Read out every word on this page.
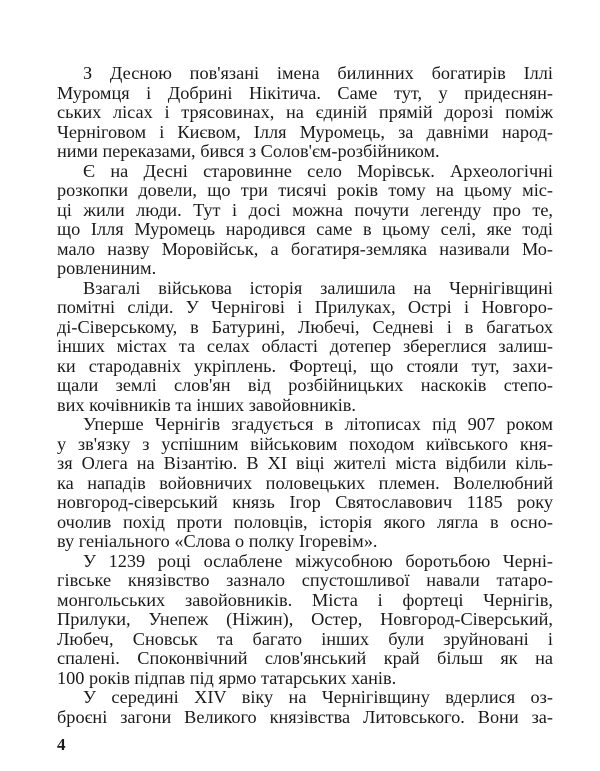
З Десною пов'язані імена билинних богатирів Іллі
Муромця і Добрині Нікітича. Саме тут, у придеснян-
ських лісах і трясовинах, на єдиній прямій дорозі поміж
Черніговом і Києвом, Ілля Муромець, за давніми народ-
ними переказами, бився з Солов'єм-розбійником.
Є на Десні старовинне село Морівськ. Археологічні
розкопки довели, що три тисячі років тому на цьому міс-
ці жили люди. Тут і досі можна почути легенду про те,
що Ілля Муромець народився саме в цьому селі, яке тоді
мало назву Моровійськ, а богатиря-земляка називали Мо-
ровлениним.
Взагалі військова історія залишила на Чернігівщині
помітні сліди. У Чернігові і Прилуках, Острі і Новгоро-
ді-Сіверському, в Батурині, Любечі, Седневі і в багатьох
інших містах та селах області дотепер збереглися залиш-
ки стародавніх укріплень. Фортеці, що стояли тут, захи-
щали землі слов'ян від розбійницьких наскоків степо-
вих кочівників та інших завойовників.
Уперше Чернігів згадується в літописах під 907 роком
у зв'язку з успішним військовим походом київського кня-
зя Олега на Візантію. В XI віці жителі міста відбили кіль-
ка нападів войовничих половецьких племен. Волелюбний
новгород-сіверський князь Ігор Святославович 1185 року
очолив похід проти половців, історія якого лягла в осно-
ву геніального «Слова о полку Ігоревім».
У 1239 році ослаблене міжусобною боротьбою Черні-
гівське князівство зазнало спустошливої навали татаро-
монгольських завойовників. Міста і фортеці Чернігів,
Прилуки, Унепеж (Ніжин), Остер, Новгород-Сіверський,
Любеч, Сновськ та багато інших були зруйновані і
спалені. Споконвічний слов'янський край більш як на
100 років підпав під ярмо татарських ханів.
У середині XIV віку на Чернігівщину вдерлися оз-
броєні загони Великого князівства Литовського. Вони за-
4
